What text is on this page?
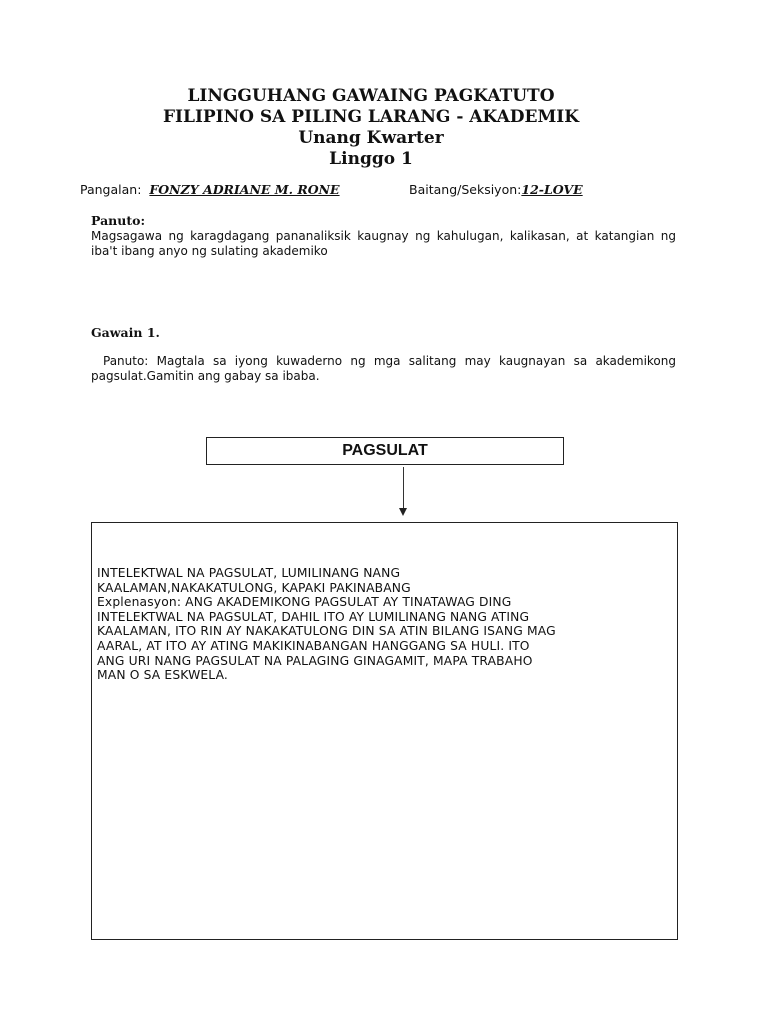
LINGGUHANG GAWAING PAGKATUTO
FILIPINO SA PILING LARANG - AKADEMIK
Unang Kwarter
Linggo 1
Pangalan: FONZY ADRIANE M. RONE	Baitang/Seksiyon:12-LOVE
Panuto:
Magsagawa ng karagdagang pananaliksik kaugnay ng kahulugan, kalikasan, at katangian ng iba't ibang anyo ng sulating akademiko
Gawain 1.
Panuto: Magtala sa iyong kuwaderno ng mga salitang may kaugnayan sa akademikong pagsulat.Gamitin ang gabay sa ibaba.
PAGSULAT
INTELEKTWAL NA PAGSULAT, LUMILINANG NANG
KAALAMAN,NAKAKATULONG, KAPAKI PAKINABANG
Explenasyon: ANG AKADEMIKONG PAGSULAT AY TINATAWAG DING
INTELEKTWAL NA PAGSULAT, DAHIL ITO AY LUMILINANG NANG ATING
KAALAMAN, ITO RIN AY NAKAKATULONG DIN SA ATIN BILANG ISANG MAG
AARAL, AT ITO AY ATING MAKIKINABANGAN HANGGANG SA HULI. ITO
ANG URI NANG PAGSULAT NA PALAGING GINAGAMIT, MAPA TRABAHO
MAN O SA ESKWELA.
